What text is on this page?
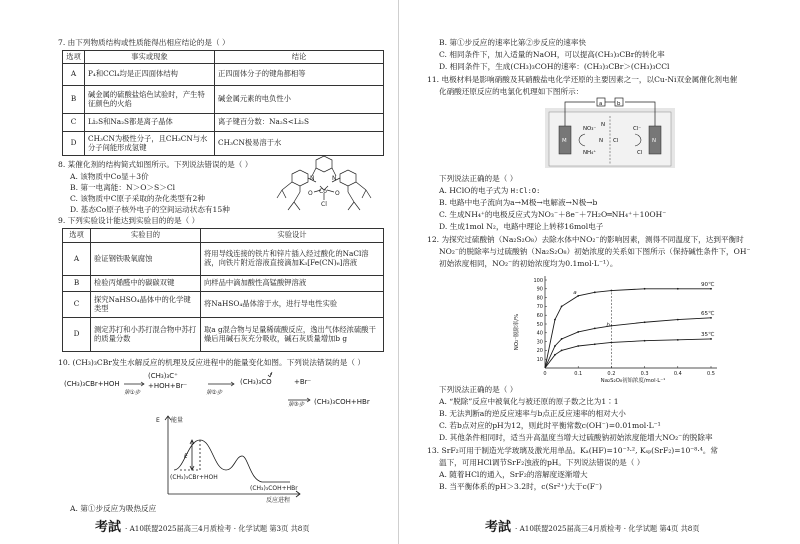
7. 由下列物质结构或性质能得出相应结论的是（ ）
选项	事实或现象	结论
A	P₄和CCl₄均是正四面体结构	正四面体分子的键角都相等
B	碱金属的硫酸盐焰色试验时，产生特征颜色的火焰	碱金属元素的电负性小
C	Li₂S和Na₂S都是离子晶体	离子键百分数：Na₂S<Li₂S
D	CH₃CN为极性分子，且CH₃CN与水分子间能形成氢键	CH₃CN极易溶于水
8. 某催化剂的结构简式如图所示。下列说法错误的是（ ）
A. 该物质中Co显＋3价
B. 第一电离能：N＞O＞S＞Cl
C. 该物质中C原子采取的杂化类型有2种
D. 基态Co原子核外电子的空间运动状态有15种
N	N
Co
O	O
Cl
9. 下列实验设计能达到实验目的的是（ ）
选项	实验目的	实验设计
A	验证钢铁吸氧腐蚀	将用导线连接的铁片和锌片插入经过酸化的NaCl溶液，向铁片附近溶液直接滴加K₃[Fe(CN)₆]溶液
B	检验丙烯醛中的碳碳双键	向样品中滴加酸性高锰酸钾溶液
C	探究NaHSO₄晶体中的化学键类型	将NaHSO₄晶体溶于水，进行导电性实验
D	测定苏打和小苏打混合物中苏打的质量分数	取a g混合物与足量稀硫酸反应，逸出气体经浓硫酸干燥后用碱石灰充分吸收，碱石灰质量增加b g
10. (CH₃)₃CBr发生水解反应的机理及反应进程中的能量变化如图。下列说法错误的是（ ）
(CH₃)₃CBr+HOH
(CH₃)₃C⁺
+HOH+Br⁻	(CH₃)₃CO	+Br⁻
(CH₃)₃COH+HBr
第①步	第②步
第③步
能量
E
E
(CH₃)₃CBr+HOH
(CH₃)₃COH+HBr
反应进程
A. 第①步反应为吸热反应
考試 · A10联盟2025届高三4月质检考 · 化学试题 第3页 共8页
B. 第①步反应的速率比第②步反应的速率快
C. 相同条件下，加入适量的NaOH，可以提高(CH₃)₃CBr的转化率
D. 相同条件下，生成(CH₃)₃COH的速率：(CH₃)₃CBr＞(CH₃)₃CCl
11. 电极材料是影响硝酸及其硝酸盐电化学还原的主要因素之一，以Cu-Ni双金属催化剂电催
化硝酸还原反应的电氯化机理如下图所示：
a	b
M	N
NO₃⁻
NH₄⁺
Cl⁻
Cl
N
Cl
N
下列说法正确的是（ ）
A. HClO的电子式为 H:Cl:O:
B. 电路中电子流向为a→M极→电解液→N极→b
C. 生成NH₄⁺的电极反应式为NO₃⁻＋8e⁻＋7H₂O═NH₄⁺＋10OH⁻
D. 生成1mol N₂，电路中理论上转移16mol电子
12. 为探究过硫酸钠（Na₂S₂O₈）去除水体中NO₂⁻的影响因素，测得不同温度下，达到平衡时
NO₂⁻的脱除率与过硫酸钠（Na₂S₂O₈）初始浓度的关系如下图所示（保持碱性条件下，OH⁻
初始浓度相同，NO₂⁻的初始浓度均为0.1mol·L⁻¹）。
0	0.1	0.2	0.3	0.4	0.5
10
20
30
40
50
60
70
80
90
100
90℃
65℃
35℃
a
b
NO₂⁻脱除率/%
Na₂S₂O₈初始浓度/mol·L⁻¹
下列说法正确的是（ ）
A. “脱除”反应中被氧化与被还原的原子数之比为1∶1
B. 无法判断a的逆反应速率与b点正反应速率的相对大小
C. 若b点对应的pH为12，则此时平衡常数c(OH⁻)=0.01mol·L⁻¹
D. 其他条件相同时，适当升高温度当增大过硫酸钠初始浓度能增大NO₂⁻的脱除率
13. SrF₂可用于制造光学玻璃及激光用单品。Kₐ(HF)=10⁻³·², Kₛₚ(SrF₂)=10⁻⁸·⁴。常
温下，可用HCl调节SrF₂浊液的pH。下列说法错误的是（ ）
A. 随着HCl的通入，SrF₂的溶解度逐渐增大
B. 当平衡体系的pH＞3.2时，c(Sr²⁺)大于c(F⁻)
考試 · A10联盟2025届高三4月质检考 · 化学试题 第4页 共8页
